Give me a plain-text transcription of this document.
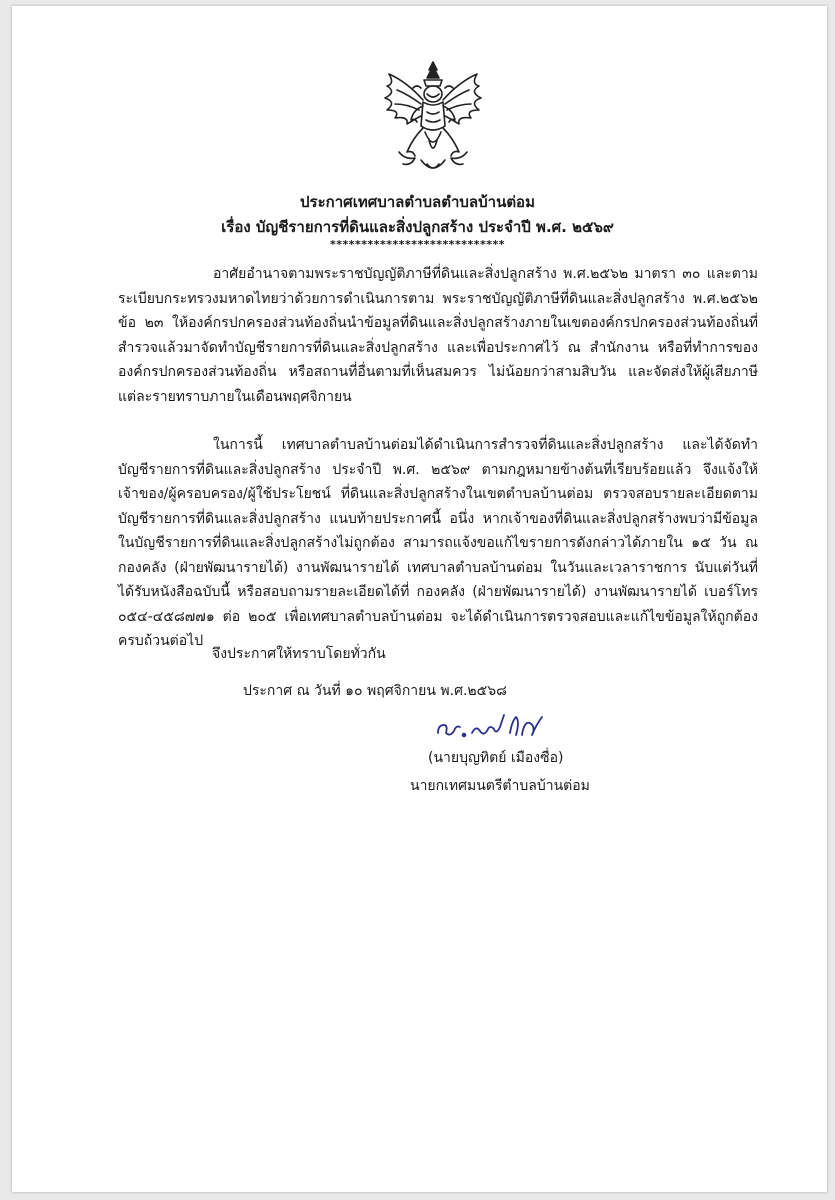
ประกาศเทศบาลตำบลตำบลบ้านต่อม
เรื่อง บัญชีรายการที่ดินและสิ่งปลูกสร้าง ประจำปี พ.ศ. ๒๕๖๙
****************************

อาศัยอำนาจตามพระราชบัญญัติภาษีที่ดินและสิ่งปลูกสร้าง พ.ศ.๒๕๖๒ มาตรา ๓๐ และตามระเบียบกระทรวงมหาดไทยว่าด้วยการดำเนินการตาม พระราชบัญญัติภาษีที่ดินและสิ่งปลูกสร้าง พ.ศ.๒๕๖๒ ข้อ ๒๓ ให้องค์กรปกครองส่วนท้องถิ่นนำข้อมูลที่ดินและสิ่งปลูกสร้างภายในเขตองค์กรปกครองส่วนท้องถิ่นที่สำรวจแล้วมาจัดทำบัญชีรายการที่ดินและสิ่งปลูกสร้าง และเพื่อประกาศไว้ ณ สำนักงาน หรือที่ทำการขององค์กรปกครองส่วนท้องถิ่น หรือสถานที่อื่นตามที่เห็นสมควร ไม่น้อยกว่าสามสิบวัน และจัดส่งให้ผู้เสียภาษีแต่ละรายทราบภายในเดือนพฤศจิกายน

ในการนี้ เทศบาลตำบลบ้านต่อมได้ดำเนินการสำรวจที่ดินและสิ่งปลูกสร้าง และได้จัดทำบัญชีรายการที่ดินและสิ่งปลูกสร้าง ประจำปี พ.ศ. ๒๕๖๙ ตามกฎหมายข้างต้นที่เรียบร้อยแล้ว จึงแจ้งให้เจ้าของ/ผู้ครอบครอง/ผู้ใช้ประโยชน์ ที่ดินและสิ่งปลูกสร้างในเขตตำบลบ้านต่อม ตรวจสอบรายละเอียดตามบัญชีรายการที่ดินและสิ่งปลูกสร้าง แนบท้ายประกาศนี้ อนึ่ง หากเจ้าของที่ดินและสิ่งปลูกสร้างพบว่ามีข้อมูลในบัญชีรายการที่ดินและสิ่งปลูกสร้างไม่ถูกต้อง สามารถแจ้งขอแก้ไขรายการดังกล่าวได้ภายใน ๑๕ วัน ณ กองคลัง (ฝ่ายพัฒนารายได้) งานพัฒนารายได้ เทศบาลตำบลบ้านต่อม ในวันและเวลาราชการ นับแต่วันที่ได้รับหนังสือฉบับนี้ หรือสอบถามรายละเอียดได้ที่ กองคลัง (ฝ่ายพัฒนารายได้) งานพัฒนารายได้ เบอร์โทร ๐๕๔-๔๕๘๗๗๑ ต่อ ๒๐๕ เพื่อเทศบาลตำบลบ้านต่อม จะได้ดำเนินการตรวจสอบและแก้ไขข้อมูลให้ถูกต้องครบถ้วนต่อไป

จึงประกาศให้ทราบโดยทั่วกัน

ประกาศ ณ วันที่ ๑๐ พฤศจิกายน พ.ศ.๒๕๖๘

(นายบุญทิตย์ เมืองซื่อ)

นายกเทศมนตรีตำบลบ้านต่อม
